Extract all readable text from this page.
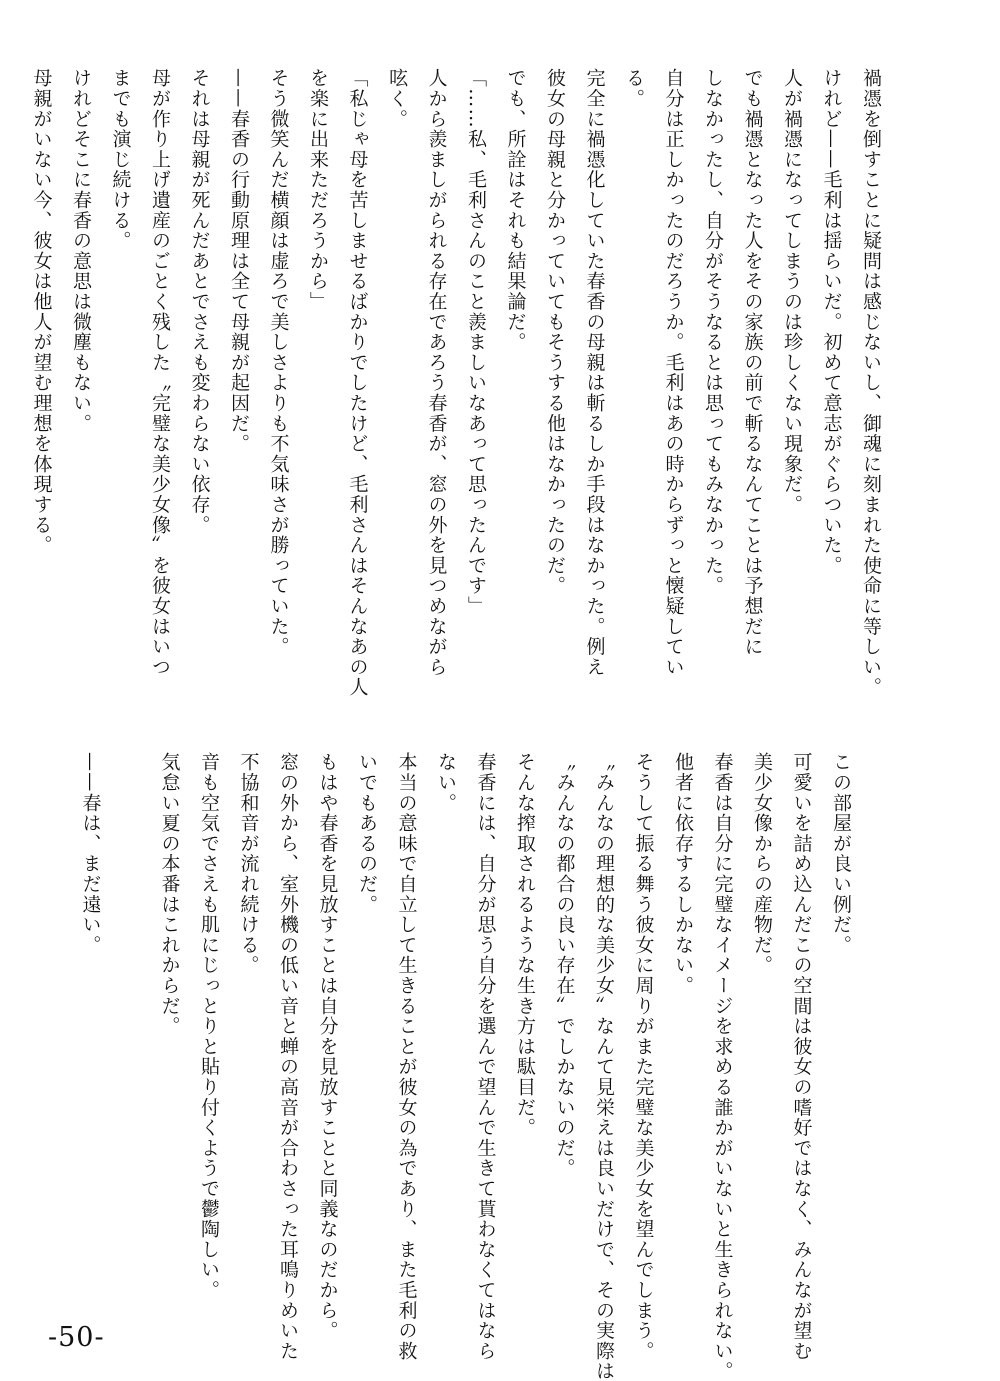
禍憑を倒すことに疑問は感じないし、御魂に刻まれた使命に等しい。
けれど——毛利は揺らいだ。初めて意志がぐらついた。
人が禍憑になってしまうのは珍しくない現象だ。
でも禍憑となった人をその家族の前で斬るなんてことは予想だに
しなかったし、自分がそうなるとは思ってもみなかった。
自分は正しかったのだろうか。毛利はあの時からずっと懐疑してい
る。
完全に禍憑化していた春香の母親は斬るしか手段はなかった。例え
彼女の母親と分かっていてもそうする他はなかったのだ。
でも、所詮はそれも結果論だ。
「……私、毛利さんのこと羨ましいなあって思ったんです」
人から羨ましがられる存在であろう春香が、窓の外を見つめながら
呟く。
「私じゃ母を苦しませるばかりでしたけど、毛利さんはそんなあの人
を楽に出来ただろうから」
そう微笑んだ横顔は虚ろで美しさよりも不気味さが勝っていた。
——春香の行動原理は全て母親が起因だ。
それは母親が死んだあとでさえも変わらない依存。
母が作り上げ遺産のごとく残した〝完璧な美少女像〟を彼女はいつ
までも演じ続ける。
けれどそこに春香の意思は微塵もない。
母親がいない今、彼女は他人が望む理想を体現する。
この部屋が良い例だ。
可愛いを詰め込んだこの空間は彼女の嗜好ではなく、みんなが望む
美少女像からの産物だ。
春香は自分に完璧なイメージを求める誰かがいないと生きられない。
他者に依存するしかない。
そうして振る舞う彼女に周りがまた完璧な美少女を望んでしまう。
〝みんなの理想的な美少女〟なんて見栄えは良いだけで、その実際は
〝みんなの都合の良い存在〟でしかないのだ。
そんな搾取されるような生き方は駄目だ。
春香には、自分が思う自分を選んで望んで生きて貰わなくてはなら
ない。
本当の意味で自立して生きることが彼女の為であり、また毛利の救
いでもあるのだ。
もはや春香を見放すことは自分を見放すことと同義なのだから。
窓の外から、室外機の低い音と蝉の高音が合わさった耳鳴りめいた
不協和音が流れ続ける。
音も空気でさえも肌にじっとりと貼り付くようで鬱陶しい。
気怠い夏の本番はこれからだ。
——春は、まだ遠い。
-50-
